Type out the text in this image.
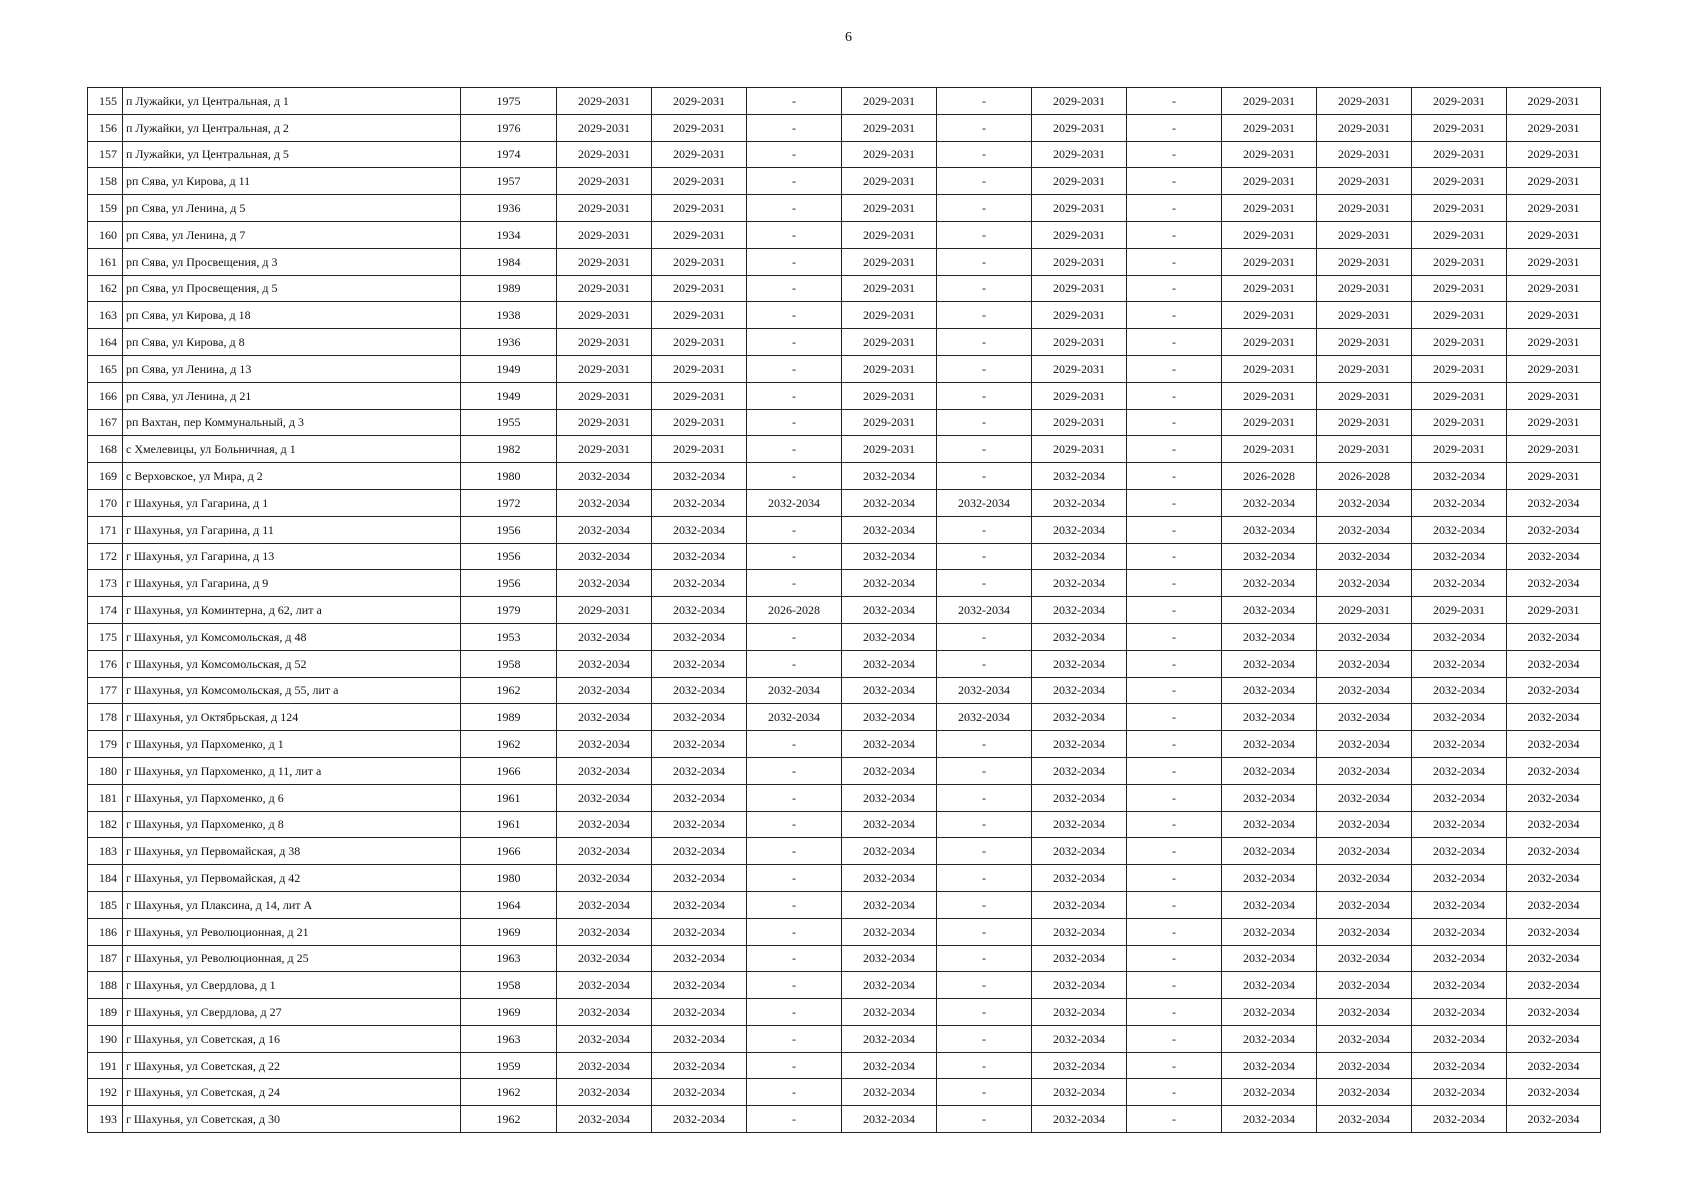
6
155	п Лужайки, ул Центральная, д 1	1975	2029-2031	2029-2031	-	2029-2031	-	2029-2031	-	2029-2031	2029-2031	2029-2031	2029-2031
156	п Лужайки, ул Центральная, д 2	1976	2029-2031	2029-2031	-	2029-2031	-	2029-2031	-	2029-2031	2029-2031	2029-2031	2029-2031
157	п Лужайки, ул Центральная, д 5	1974	2029-2031	2029-2031	-	2029-2031	-	2029-2031	-	2029-2031	2029-2031	2029-2031	2029-2031
158	рп Сява, ул Кирова, д 11	1957	2029-2031	2029-2031	-	2029-2031	-	2029-2031	-	2029-2031	2029-2031	2029-2031	2029-2031
159	рп Сява, ул Ленина, д 5	1936	2029-2031	2029-2031	-	2029-2031	-	2029-2031	-	2029-2031	2029-2031	2029-2031	2029-2031
160	рп Сява, ул Ленина, д 7	1934	2029-2031	2029-2031	-	2029-2031	-	2029-2031	-	2029-2031	2029-2031	2029-2031	2029-2031
161	рп Сява, ул Просвещения, д 3	1984	2029-2031	2029-2031	-	2029-2031	-	2029-2031	-	2029-2031	2029-2031	2029-2031	2029-2031
162	рп Сява, ул Просвещения, д 5	1989	2029-2031	2029-2031	-	2029-2031	-	2029-2031	-	2029-2031	2029-2031	2029-2031	2029-2031
163	рп Сява, ул Кирова, д 18	1938	2029-2031	2029-2031	-	2029-2031	-	2029-2031	-	2029-2031	2029-2031	2029-2031	2029-2031
164	рп Сява, ул Кирова, д 8	1936	2029-2031	2029-2031	-	2029-2031	-	2029-2031	-	2029-2031	2029-2031	2029-2031	2029-2031
165	рп Сява, ул Ленина, д 13	1949	2029-2031	2029-2031	-	2029-2031	-	2029-2031	-	2029-2031	2029-2031	2029-2031	2029-2031
166	рп Сява, ул Ленина, д 21	1949	2029-2031	2029-2031	-	2029-2031	-	2029-2031	-	2029-2031	2029-2031	2029-2031	2029-2031
167	рп Вахтан, пер Коммунальный, д 3	1955	2029-2031	2029-2031	-	2029-2031	-	2029-2031	-	2029-2031	2029-2031	2029-2031	2029-2031
168	с Хмелевицы, ул Больничная, д 1	1982	2029-2031	2029-2031	-	2029-2031	-	2029-2031	-	2029-2031	2029-2031	2029-2031	2029-2031
169	с Верховское, ул Мира, д 2	1980	2032-2034	2032-2034	-	2032-2034	-	2032-2034	-	2026-2028	2026-2028	2032-2034	2029-2031
170	г Шахунья, ул Гагарина, д 1	1972	2032-2034	2032-2034	2032-2034	2032-2034	2032-2034	2032-2034	-	2032-2034	2032-2034	2032-2034	2032-2034
171	г Шахунья, ул Гагарина, д 11	1956	2032-2034	2032-2034	-	2032-2034	-	2032-2034	-	2032-2034	2032-2034	2032-2034	2032-2034
172	г Шахунья, ул Гагарина, д 13	1956	2032-2034	2032-2034	-	2032-2034	-	2032-2034	-	2032-2034	2032-2034	2032-2034	2032-2034
173	г Шахунья, ул Гагарина, д 9	1956	2032-2034	2032-2034	-	2032-2034	-	2032-2034	-	2032-2034	2032-2034	2032-2034	2032-2034
174	г Шахунья, ул Коминтерна, д 62, лит а	1979	2029-2031	2032-2034	2026-2028	2032-2034	2032-2034	2032-2034	-	2032-2034	2029-2031	2029-2031	2029-2031
175	г Шахунья, ул Комсомольская, д 48	1953	2032-2034	2032-2034	-	2032-2034	-	2032-2034	-	2032-2034	2032-2034	2032-2034	2032-2034
176	г Шахунья, ул Комсомольская, д 52	1958	2032-2034	2032-2034	-	2032-2034	-	2032-2034	-	2032-2034	2032-2034	2032-2034	2032-2034
177	г Шахунья, ул Комсомольская, д 55, лит а	1962	2032-2034	2032-2034	2032-2034	2032-2034	2032-2034	2032-2034	-	2032-2034	2032-2034	2032-2034	2032-2034
178	г Шахунья, ул Октябрьская, д 124	1989	2032-2034	2032-2034	2032-2034	2032-2034	2032-2034	2032-2034	-	2032-2034	2032-2034	2032-2034	2032-2034
179	г Шахунья, ул Пархоменко, д 1	1962	2032-2034	2032-2034	-	2032-2034	-	2032-2034	-	2032-2034	2032-2034	2032-2034	2032-2034
180	г Шахунья, ул Пархоменко, д 11, лит а	1966	2032-2034	2032-2034	-	2032-2034	-	2032-2034	-	2032-2034	2032-2034	2032-2034	2032-2034
181	г Шахунья, ул Пархоменко, д 6	1961	2032-2034	2032-2034	-	2032-2034	-	2032-2034	-	2032-2034	2032-2034	2032-2034	2032-2034
182	г Шахунья, ул Пархоменко, д 8	1961	2032-2034	2032-2034	-	2032-2034	-	2032-2034	-	2032-2034	2032-2034	2032-2034	2032-2034
183	г Шахунья, ул Первомайская, д 38	1966	2032-2034	2032-2034	-	2032-2034	-	2032-2034	-	2032-2034	2032-2034	2032-2034	2032-2034
184	г Шахунья, ул Первомайская, д 42	1980	2032-2034	2032-2034	-	2032-2034	-	2032-2034	-	2032-2034	2032-2034	2032-2034	2032-2034
185	г Шахунья, ул Плаксина, д 14, лит А	1964	2032-2034	2032-2034	-	2032-2034	-	2032-2034	-	2032-2034	2032-2034	2032-2034	2032-2034
186	г Шахунья, ул Революционная, д 21	1969	2032-2034	2032-2034	-	2032-2034	-	2032-2034	-	2032-2034	2032-2034	2032-2034	2032-2034
187	г Шахунья, ул Революционная, д 25	1963	2032-2034	2032-2034	-	2032-2034	-	2032-2034	-	2032-2034	2032-2034	2032-2034	2032-2034
188	г Шахунья, ул Свердлова, д 1	1958	2032-2034	2032-2034	-	2032-2034	-	2032-2034	-	2032-2034	2032-2034	2032-2034	2032-2034
189	г Шахунья, ул Свердлова, д 27	1969	2032-2034	2032-2034	-	2032-2034	-	2032-2034	-	2032-2034	2032-2034	2032-2034	2032-2034
190	г Шахунья, ул Советская, д 16	1963	2032-2034	2032-2034	-	2032-2034	-	2032-2034	-	2032-2034	2032-2034	2032-2034	2032-2034
191	г Шахунья, ул Советская, д 22	1959	2032-2034	2032-2034	-	2032-2034	-	2032-2034	-	2032-2034	2032-2034	2032-2034	2032-2034
192	г Шахунья, ул Советская, д 24	1962	2032-2034	2032-2034	-	2032-2034	-	2032-2034	-	2032-2034	2032-2034	2032-2034	2032-2034
193	г Шахунья, ул Советская, д 30	1962	2032-2034	2032-2034	-	2032-2034	-	2032-2034	-	2032-2034	2032-2034	2032-2034	2032-2034
